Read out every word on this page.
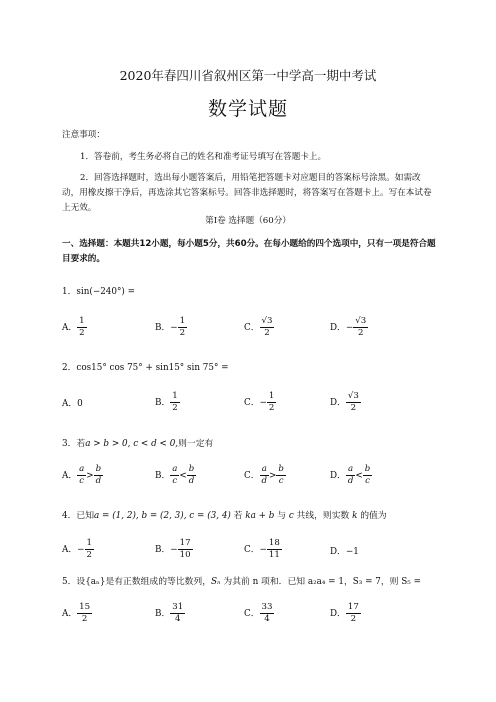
2020年春四川省叙州区第一中学高一期中考试
数学试题
注意事项：
1．答卷前，考生务必将自己的姓名和准考证号填写在答题卡上。
2．回答选择题时，选出每小题答案后，用铅笔把答题卡对应题目的答案标号涂黑。如需改动，用橡皮擦干净后，再选涂其它答案标号。回答非选择题时，将答案写在答题卡上。写在本试卷上无效。
第I卷 选择题（60分）
一、选择题：本题共12小题，每小题5分，共60分。在每小题给的四个选项中，只有一项是符合题目要求的。
1．sin(−240°) =
A． $\frac{1}{2}$	B．− $\frac{1}{2}$	C． $\frac{√3}{2}$	D．− $\frac{√3}{2}$
2．cos15° cos 75° + sin15° sin 75° =
A．0	B． $\frac{1}{2}$	C．− $\frac{1}{2}$	D． $\frac{√3}{2}$
3．若a > b > 0, c < d < 0,则一定有
A． $\frac{a}{c} > \frac{b}{d}$	B． $\frac{a}{c} < \frac{b}{d}$	C． $\frac{a}{d} > \frac{b}{c}$	D． $\frac{a}{d} < \frac{b}{c}$
4．已知a = (1, 2), b = (2, 3), c = (3, 4) 若 ka + b 与 c 共线，则实数 k 的值为
A．− $\frac{1}{2}$	B．− $\frac{17}{10}$	C．− $\frac{18}{11}$	D．−1
5．设{aₙ}是有正数组成的等比数列，Sₙ 为其前 n 项和．已知 a₂a₄ = 1，S₃ = 7，则 S₅ =
A． $\frac{15}{2}$	B． $\frac{31}{4}$	C． $\frac{33}{4}$	D． $\frac{17}{2}$
